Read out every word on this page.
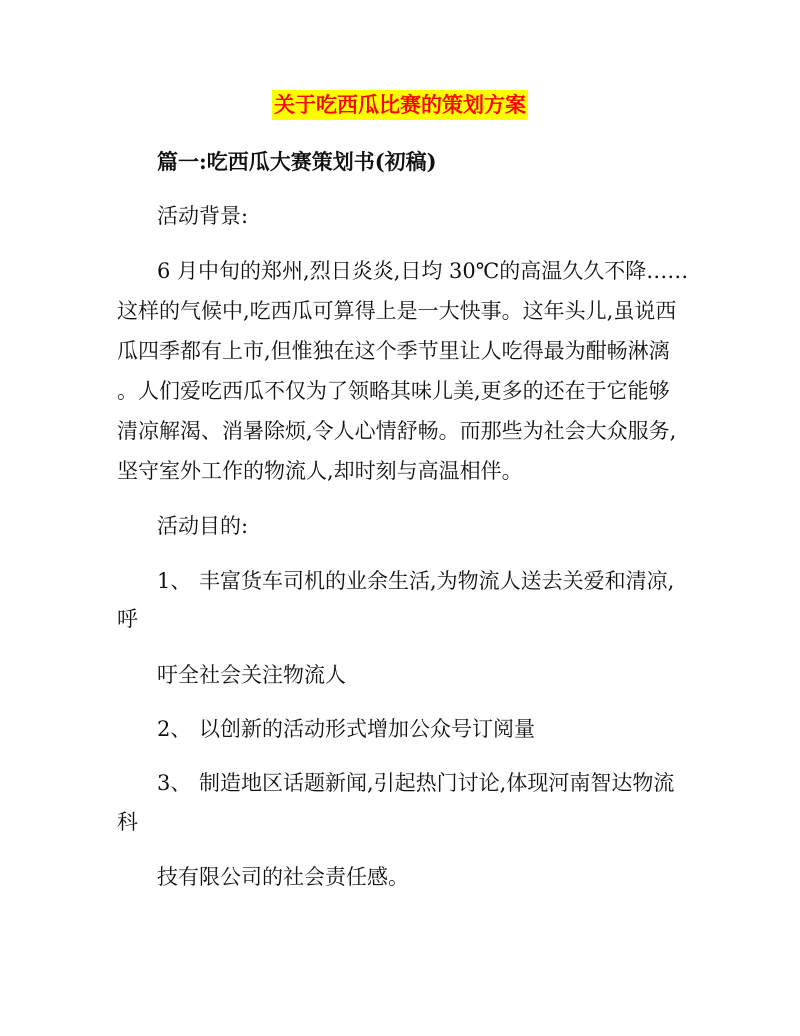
关于吃西瓜比赛的策划方案
篇一:吃西瓜大赛策划书(初稿)
活动背景:
6 月中旬的郑州,烈日炎炎,日均 30℃的高温久久不降……
这样的气候中,吃西瓜可算得上是一大快事。这年头儿,虽说西
瓜四季都有上市,但惟独在这个季节里让人吃得最为酣畅淋漓
。人们爱吃西瓜不仅为了领略其味儿美,更多的还在于它能够
清凉解渴、消暑除烦,令人心情舒畅。而那些为社会大众服务,
坚守室外工作的物流人,却时刻与高温相伴。
活动目的:
1、 丰富货车司机的业余生活,为物流人送去关爱和清凉,
呼
吁全社会关注物流人
2、 以创新的活动形式增加公众号订阅量
3、 制造地区话题新闻,引起热门讨论,体现河南智达物流
科
技有限公司的社会责任感。
